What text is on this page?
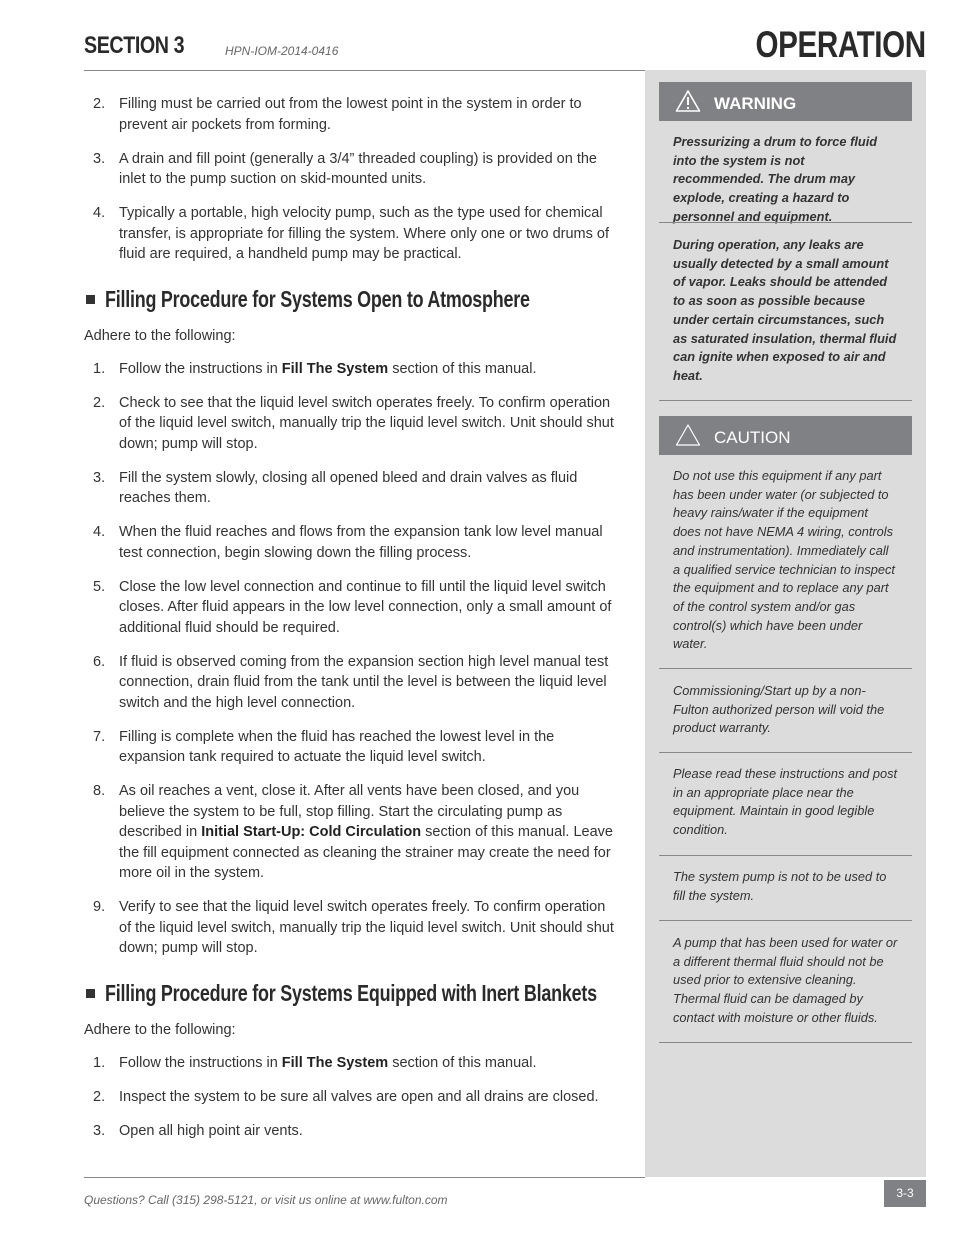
SECTION 3	HPN-IOM-2014-0416	OPERATION
2. Filling must be carried out from the lowest point in the system in order to prevent air pockets from forming.
3. A drain and fill point (generally a 3/4” threaded coupling) is provided on the inlet to the pump suction on skid-mounted units.
4. Typically a portable, high velocity pump, such as the type used for chemical transfer, is appropriate for filling the system. Where only one or two drums of fluid are required, a handheld pump may be practical.
Filling Procedure for Systems Open to Atmosphere

Adhere to the following:

1. Follow the instructions in Fill The System section of this manual.
2. Check to see that the liquid level switch operates freely. To confirm operation of the liquid level switch, manually trip the liquid level switch. Unit should shut down; pump will stop.
3. Fill the system slowly, closing all opened bleed and drain valves as fluid reaches them.
4. When the fluid reaches and flows from the expansion tank low level manual test connection, begin slowing down the filling process.
5. Close the low level connection and continue to fill until the liquid level switch closes. After fluid appears in the low level connection, only a small amount of additional fluid should be required.
6. If fluid is observed coming from the expansion section high level manual test connection, drain fluid from the tank until the level is between the liquid level switch and the high level connection.
7. Filling is complete when the fluid has reached the lowest level in the expansion tank required to actuate the liquid level switch.
8. As oil reaches a vent, close it. After all vents have been closed, and you believe the system to be full, stop filling. Start the circulating pump as described in Initial Start-Up: Cold Circulation section of this manual. Leave the fill equipment connected as cleaning the strainer may create the need for more oil in the system.
9. Verify to see that the liquid level switch operates freely. To confirm operation of the liquid level switch, manually trip the liquid level switch. Unit should shut down; pump will stop.
Filling Procedure for Systems Equipped with Inert Blankets

Adhere to the following:

1. Follow the instructions in Fill The System section of this manual.
2. Inspect the system to be sure all valves are open and all drains are closed.
3. Open all high point air vents.
WARNING
Pressurizing a drum to force fluid into the system is not recommended. The drum may explode, creating a hazard to personnel and equipment.
During operation, any leaks are usually detected by a small amount of vapor. Leaks should be attended to as soon as possible because under certain circumstances, such as saturated insulation, thermal fluid can ignite when exposed to air and heat.
CAUTION
Do not use this equipment if any part has been under water (or subjected to heavy rains/water if the equipment does not have NEMA 4 wiring, controls and instrumentation). Immediately call a qualified service technician to inspect the equipment and to replace any part of the control system and/or gas control(s) which have been under water.
Commissioning/Start up by a non-Fulton authorized person will void the product warranty.
Please read these instructions and post in an appropriate place near the equipment. Maintain in good legible condition.
The system pump is not to be used to fill the system.
A pump that has been used for water or a different thermal fluid should not be used prior to extensive cleaning. Thermal fluid can be damaged by contact with moisture or other fluids.
Questions? Call (315) 298-5121, or visit us online at www.fulton.com	3-3
